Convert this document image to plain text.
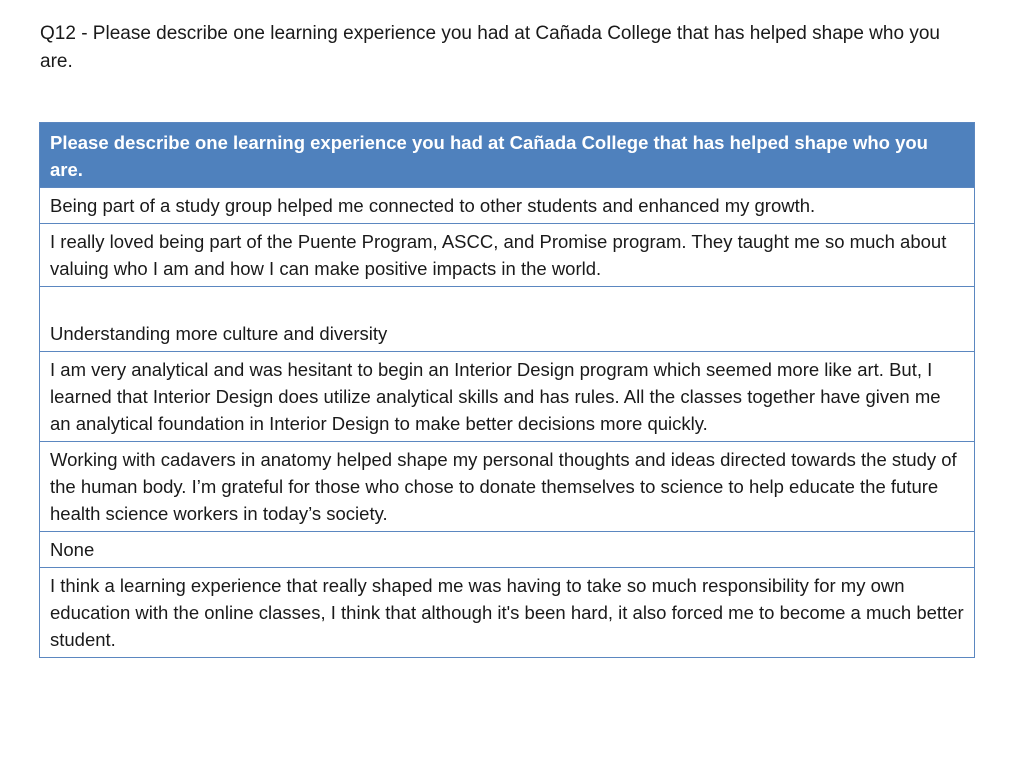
Q12 - Please describe one learning experience you had at Cañada College that has helped shape who you are.
Please describe one learning experience you had at Cañada College that has helped shape who you are.
Being part of a study group helped me connected to other students and enhanced my growth.
I really loved being part of the Puente Program, ASCC, and Promise program. They taught me so much about valuing who I am and how I can make positive impacts in the world.
Understanding more culture and diversity
I am very analytical and was hesitant to begin an Interior Design program which seemed more like art. But, I learned that Interior Design does utilize analytical skills and has rules. All the classes together have given me an analytical foundation in Interior Design to make better decisions more quickly.
Working with cadavers in anatomy helped shape my personal thoughts and ideas directed towards the study of the human body. I’m grateful for those who chose to donate themselves to science to help educate the future health science workers in today’s society.
None
I think a learning experience that really shaped me was having to take so much responsibility for my own education with the online classes, I think that although it's been hard, it also forced me to become a much better student.
